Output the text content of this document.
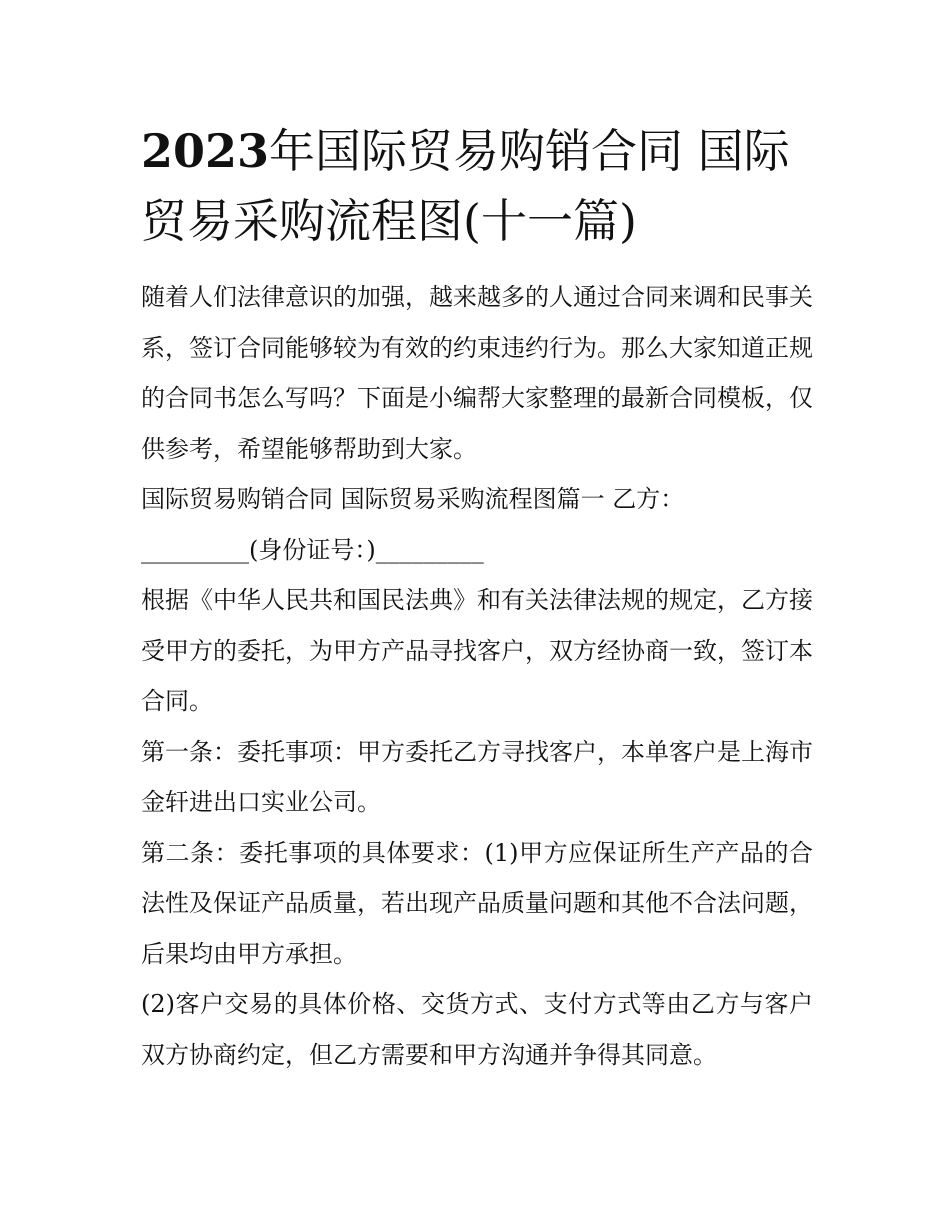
2023年国际贸易购销合同 国际贸易采购流程图(十一篇)

随着人们法律意识的加强，越来越多的人通过合同来调和民事关系，签订合同能够较为有效的约束违约行为。那么大家知道正规的合同书怎么写吗？下面是小编帮大家整理的最新合同模板，仅供参考，希望能够帮助到大家。

国际贸易购销合同 国际贸易采购流程图篇一 乙方：

_________(身份证号：)_________

根据《中华人民共和国民法典》和有关法律法规的规定，乙方接受甲方的委托，为甲方产品寻找客户，双方经协商一致，签订本合同。

第一条：委托事项：甲方委托乙方寻找客户，本单客户是上海市金轩进出口实业公司。

第二条：委托事项的具体要求：(1)甲方应保证所生产产品的合法性及保证产品质量，若出现产品质量问题和其他不合法问题，后果均由甲方承担。

(2)客户交易的具体价格、交货方式、支付方式等由乙方与客户双方协商约定，但乙方需要和甲方沟通并争得其同意。
